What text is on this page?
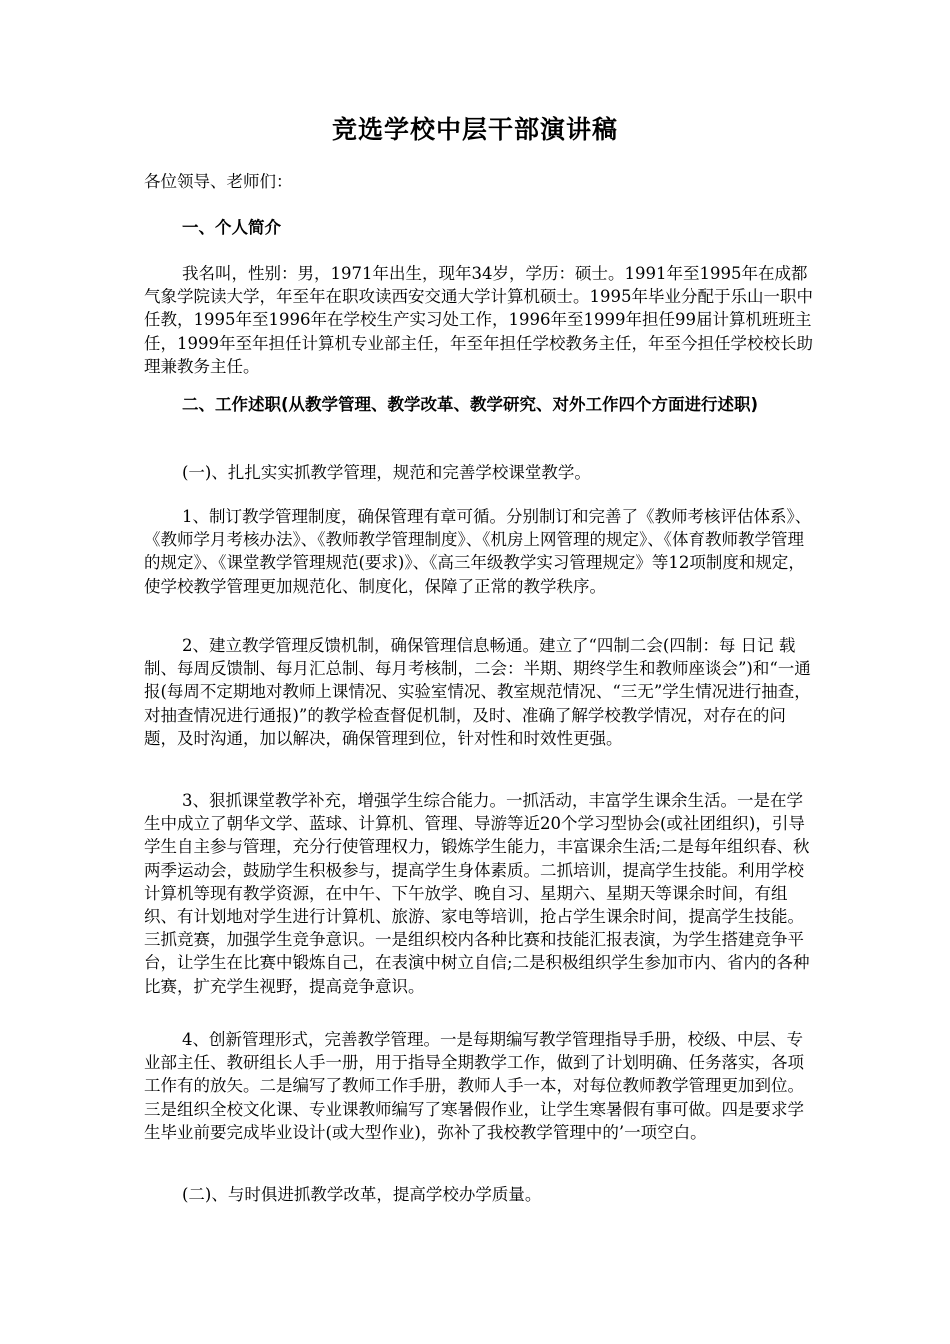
竞选学校中层干部演讲稿
各位领导、老师们：
一、个人简介
我名叫，性别：男，1971年出生，现年34岁，学历：硕士。1991年至1995年在成都气象学院读大学，年至年在职攻读西安交通大学计算机硕士。1995年毕业分配于乐山一职中任教，1995年至1996年在学校生产实习处工作，1996年至1999年担任99届计算机班班主任，1999年至年担任计算机专业部主任，年至年担任学校教务主任，年至今担任学校校长助理兼教务主任。
二、工作述职(从教学管理、教学改革、教学研究、对外工作四个方面进行述职)
(一)、扎扎实实抓教学管理，规范和完善学校课堂教学。
1、制订教学管理制度，确保管理有章可循。分别制订和完善了《教师考核评估体系》、《教师学月考核办法》、《教师教学管理制度》、《机房上网管理的规定》、《体育教师教学管理的规定》、《课堂教学管理规范(要求)》、《高三年级教学实习管理规定》等12项制度和规定，使学校教学管理更加规范化、制度化，保障了正常的教学秩序。
2、建立教学管理反馈机制，确保管理信息畅通。建立了“四制二会(四制：每 日记 载制、每周反馈制、每月汇总制、每月考核制，二会：半期、期终学生和教师座谈会”)和“一通报(每周不定期地对教师上课情况、实验室情况、教室规范情况、“三无”学生情况进行抽查，对抽查情况进行通报)”的教学检查督促机制，及时、准确了解学校教学情况，对存在的问题，及时沟通，加以解决，确保管理到位，针对性和时效性更强。
3、狠抓课堂教学补充，增强学生综合能力。一抓活动，丰富学生课余生活。一是在学生中成立了朝华文学、蓝球、计算机、管理、导游等近20个学习型协会(或社团组织)，引导学生自主参与管理，充分行使管理权力，锻炼学生能力，丰富课余生活;二是每年组织春、秋两季运动会，鼓励学生积极参与，提高学生身体素质。二抓培训，提高学生技能。利用学校计算机等现有教学资源，在中午、下午放学、晚自习、星期六、星期天等课余时间，有组织、有计划地对学生进行计算机、旅游、家电等培训，抢占学生课余时间，提高学生技能。三抓竞赛，加强学生竞争意识。一是组织校内各种比赛和技能汇报表演，为学生搭建竞争平台，让学生在比赛中锻炼自己，在表演中树立自信;二是积极组织学生参加市内、省内的各种比赛，扩充学生视野，提高竞争意识。
4、创新管理形式，完善教学管理。一是每期编写教学管理指导手册，校级、中层、专业部主任、教研组长人手一册，用于指导全期教学工作，做到了计划明确、任务落实，各项工作有的放矢。二是编写了教师工作手册，教师人手一本，对每位教师教学管理更加到位。三是组织全校文化课、专业课教师编写了寒暑假作业，让学生寒暑假有事可做。四是要求学生毕业前要完成毕业设计(或大型作业)，弥补了我校教学管理中的’一项空白。
(二)、与时俱进抓教学改革，提高学校办学质量。
